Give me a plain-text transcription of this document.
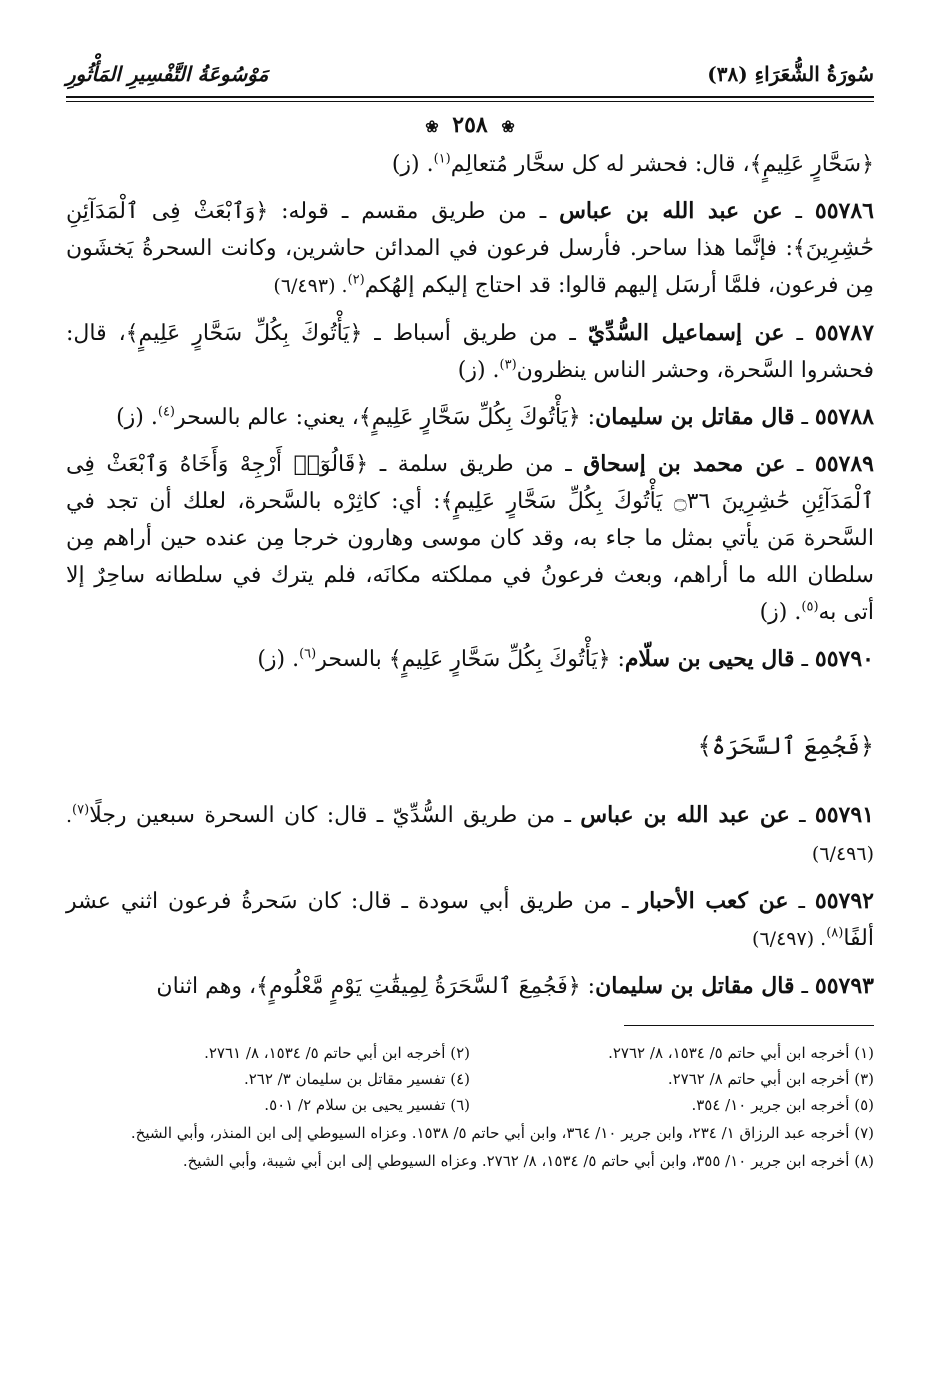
سُورَةُ الشُّعَرَاءِ (٣٨)
مَوْسُوعَةُ التَّفْسِيرِ المَأْثُورِ
❀ ٢٥٨ ❀

﴿سَحَّارٍ عَلِيمٍ﴾، قال: فحشر له كل سحَّار مُتعالِم$^{(١)}$. (ز)

٥٥٧٨٦ ـ عن عبد الله بن عباس ـ من طريق مقسم ـ قوله: ﴿وَٱبْعَثْ فِى ٱلْمَدَآئِنِ حَٰشِرِينَ﴾: فإنَّما هذا ساحر. فأرسل فرعون في المدائن حاشرين، وكانت السحرةُ يَخشَون مِن فرعون، فلمَّا أرسَل إليهم قالوا: قد احتاج إليكم إلهُكم$^{(٢)}$. (٦/٤٩٣)

٥٥٧٨٧ ـ عن إسماعيل السُّدِّيّ ـ من طريق أسباط ـ ﴿يَأْتُوكَ بِكُلِّ سَحَّارٍ عَلِيمٍ﴾، قال: فحشروا السَّحرة، وحشر الناس ينظرون$^{(٣)}$. (ز)

٥٥٧٨٨ ـ قال مقاتل بن سليمان: ﴿يَأْتُوكَ بِكُلِّ سَحَّارٍ عَلِيمٍ﴾، يعني: عالم بالسحر$^{(٤)}$. (ز)

٥٥٧٨٩ ـ عن محمد بن إسحاق ـ من طريق سلمة ـ ﴿قَالُوٓا۟ أَرْجِهْ وَأَخَاهُ وَٱبْعَثْ فِى ٱلْمَدَآئِنِ حَٰشِرِينَ ۝٣٦ يَأْتُوكَ بِكُلِّ سَحَّارٍ عَلِيمٍ﴾: أي: كاثِرْه بالسَّحرة، لعلك أن تجد في السَّحرة مَن يأتي بمثل ما جاء به، وقد كان موسى وهارون خرجا مِن عنده حين أراهم مِن سلطان الله ما أراهم، وبعث فرعونُ في مملكته مكانَه، فلم يترك في سلطانه ساحِرٌ إلا أتى به$^{(٥)}$. (ز)

٥٥٧٩٠ ـ قال يحيى بن سلّام: ﴿يَأْتُوكَ بِكُلِّ سَحَّارٍ عَلِيمٍ﴾ بالسحر$^{(٦)}$. (ز)

﴿فَجُمِعَ ٱلسَّحَرَةُ﴾

٥٥٧٩١ ـ عن عبد الله بن عباس ـ من طريق السُّدِّيّ ـ قال: كان السحرة سبعين رجلًا$^{(٧)}$. (٦/٤٩٦)

٥٥٧٩٢ ـ عن كعب الأحبار ـ من طريق أبي سودة ـ قال: كان سَحرةُ فرعون اثني عشر ألفًا$^{(٨)}$. (٦/٤٩٧)

٥٥٧٩٣ ـ قال مقاتل بن سليمان: ﴿فَجُمِعَ ٱلسَّحَرَةُ لِمِيقَٰتِ يَوْمٍ مَّعْلُومٍ﴾، وهم اثنان

(١) أخرجه ابن أبي حاتم ٥/ ١٥٣٤، ٨/ ٢٧٦٢.
(٢) أخرجه ابن أبي حاتم ٥/ ١٥٣٤، ٨/ ٢٧٦١.
(٣) أخرجه ابن أبي حاتم ٨/ ٢٧٦٢.
(٤) تفسير مقاتل بن سليمان ٣/ ٢٦٢.
(٥) أخرجه ابن جرير ١٠/ ٣٥٤.
(٦) تفسير يحيى بن سلام ٢/ ٥٠١.
(٧) أخرجه عبد الرزاق ١/ ٢٣٤، وابن جرير ١٠/ ٣٦٤، وابن أبي حاتم ٥/ ١٥٣٨. وعزاه السيوطي إلى ابن المنذر، وأبي الشيخ.
(٨) أخرجه ابن جرير ١٠/ ٣٥٥، وابن أبي حاتم ٥/ ١٥٣٤، ٨/ ٢٧٦٢. وعزاه السيوطي إلى ابن أبي شيبة، وأبي الشيخ.
